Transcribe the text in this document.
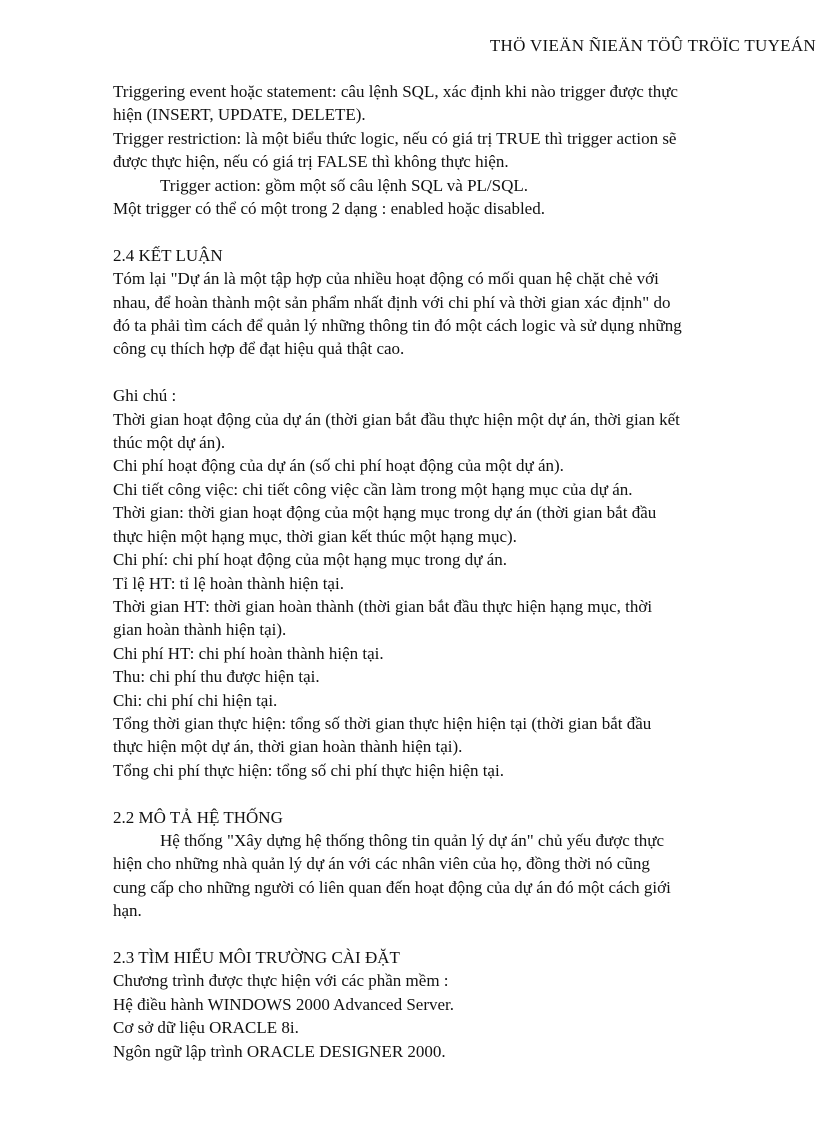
THÖ VIEÄN ÑIEÄN TÖÛ TRÖÏC TUYEÁN
Triggering event hoặc statement: câu lệnh SQL, xác định khi nào trigger được thực
hiện (INSERT, UPDATE, DELETE).
Trigger restriction: là một biểu thức logic, nếu có giá trị TRUE thì trigger action sẽ
được thực hiện, nếu có giá trị FALSE thì không thực hiện.
Trigger action: gồm một số câu lệnh SQL và PL/SQL.
Một trigger có thể có một trong 2 dạng : enabled hoặc disabled.
2.4 KẾT LUẬN
Tóm lại "Dự án là một tập hợp của nhiều hoạt động có mối quan hệ chặt chẻ với
nhau, để hoàn thành một sản phẩm nhất định với chi phí và thời gian xác định" do
đó ta phải tìm cách để quản lý những thông tin đó một cách logic và sử dụng những
công cụ thích hợp để đạt hiệu quả thật cao.
Ghi chú :
Thời gian hoạt động của dự án (thời gian bắt đầu thực hiện một dự án, thời gian kết
thúc một dự án).
Chi phí hoạt động của dự án (số chi phí hoạt động của một dự án).
Chi tiết công việc: chi tiết công việc cần làm trong một hạng mục của dự án.
Thời gian: thời gian hoạt động của một hạng mục trong dự án (thời gian bắt đầu
thực hiện một hạng mục, thời gian kết thúc một hạng mục).
Chi phí: chi phí hoạt động của một hạng mục trong dự án.
Tỉ lệ HT: tỉ lệ hoàn thành hiện tại.
Thời gian HT: thời gian hoàn thành (thời gian bắt đầu thực hiện hạng mục, thời
gian hoàn thành hiện tại).
Chi phí HT: chi phí hoàn thành hiện tại.
Thu: chi phí thu được hiện tại.
Chi: chi phí chi hiện tại.
Tổng thời gian thực hiện: tổng số thời gian thực hiện hiện tại (thời gian bắt đầu
thực hiện một dự án, thời gian hoàn thành hiện tại).
Tổng chi phí thực hiện: tổng số chi phí thực hiện hiện tại.
2.2 MÔ TẢ HỆ THỐNG
Hệ thống "Xây dựng hệ thống thông tin quản lý dự án" chủ yếu được thực
hiện cho những nhà quản lý dự án với các nhân viên của họ, đồng thời nó cũng
cung cấp cho những người có liên quan đến hoạt động của dự án đó một cách giới
hạn.
2.3 TÌM HIỂU MÔI TRƯỜNG CÀI ĐẶT
Chương trình được thực hiện với các phần mềm :
Hệ điều hành WINDOWS 2000 Advanced Server.
Cơ sở dữ liệu ORACLE 8i.
Ngôn ngữ lập trình ORACLE DESIGNER 2000.
